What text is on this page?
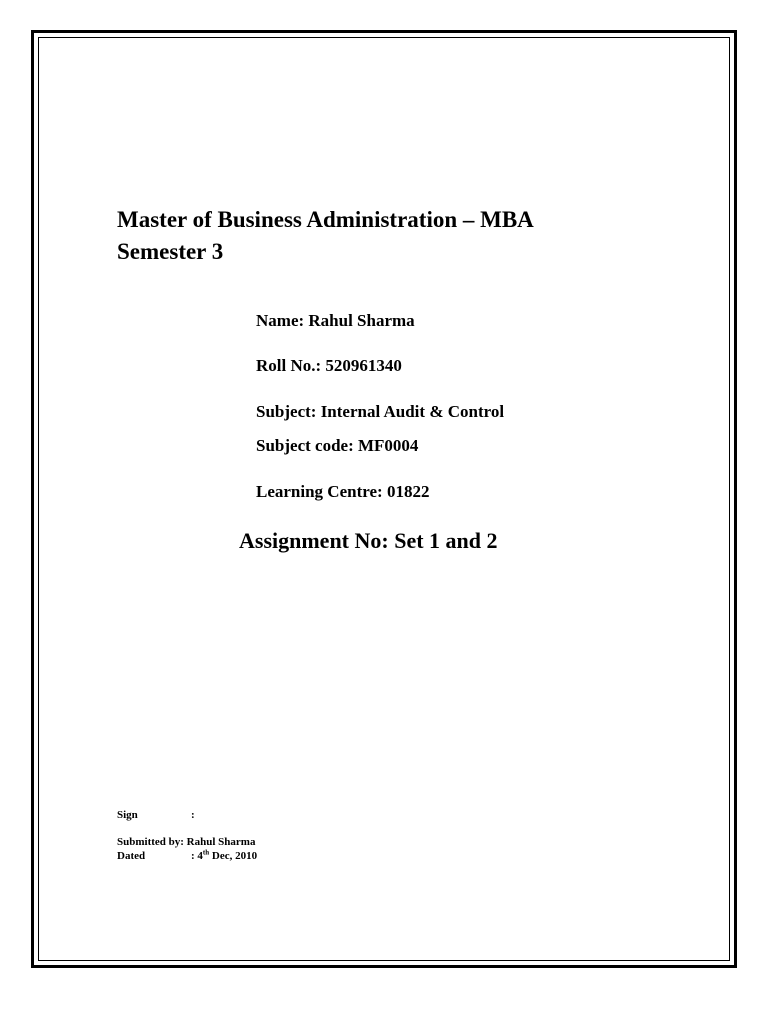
Master of Business Administration – MBA
Semester 3
Name: Rahul Sharma
Roll No.: 520961340
Subject: Internal Audit & Control
Subject code: MF0004
Learning Centre: 01822
Assignment No: Set 1 and 2
Sign	:
Submitted by: Rahul Sharma
Dated	: 4th Dec, 2010
